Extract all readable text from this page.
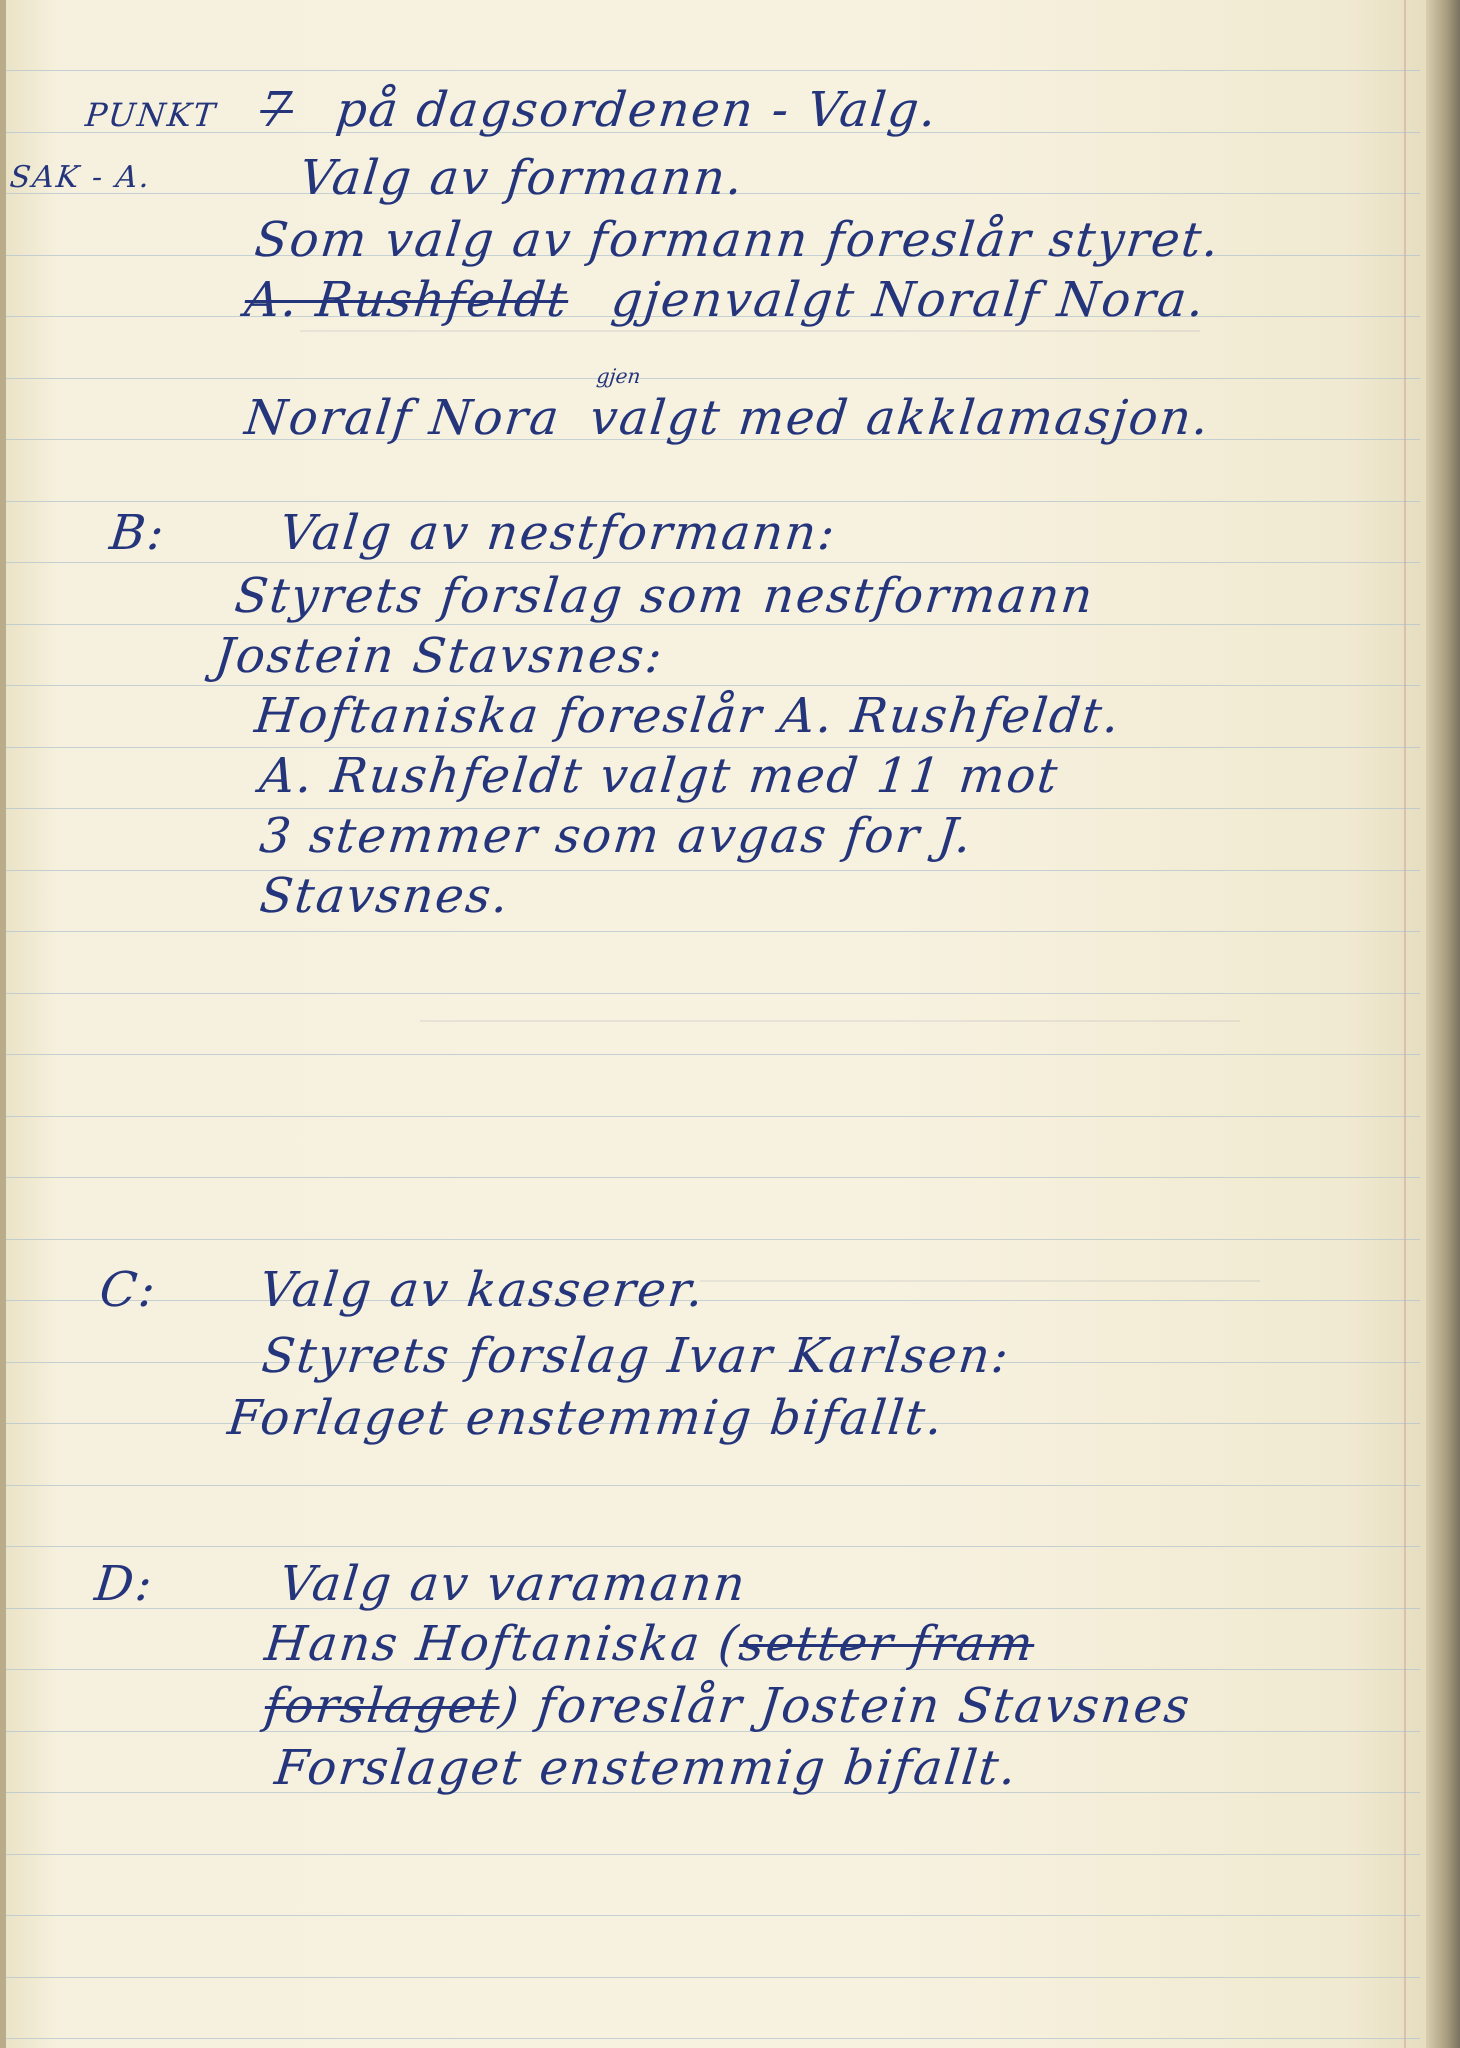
PUNKT 7 på dagsordenen - Valg.
SAK - A.	Valg av formann.
Som valg av formann foreslår styret.
A. Rushfeldt gjenvalgt Noralf Nora.
Noralf Nora
gjen
valgt med akklamasjon.
B: Valg av nestformann:
Styrets forslag som nestformann
Jostein Stavsnes:
Hoftaniska foreslår A. Rushfeldt.
A. Rushfeldt valgt med 11 mot
3 stemmer som avgas for J.
Stavsnes.
C: Valg av kasserer.
Styrets forslag Ivar Karlsen:
Forlaget enstemmig bifallt.
D:	Valg av varamann
Hans Hoftaniska (setter fram
forslaget) foreslår Jostein Stavsnes
Forslaget enstemmig bifallt.
